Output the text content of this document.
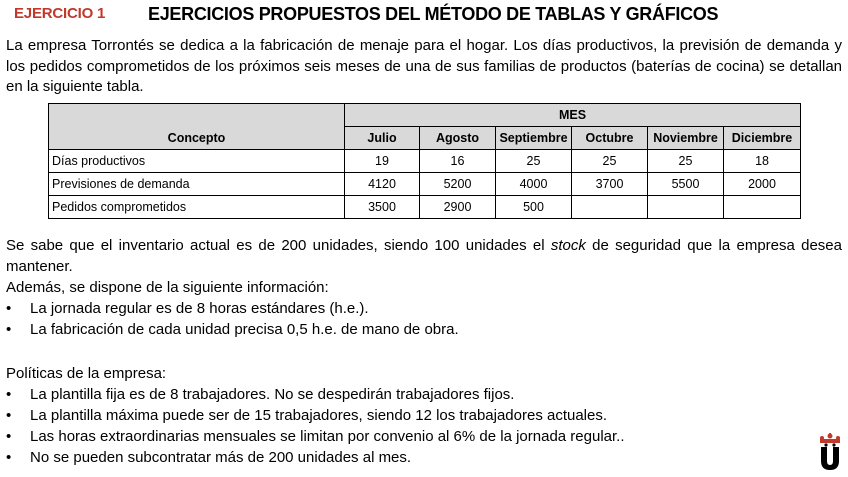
EJERCICIO 1 EJERCICIOS PROPUESTOS DEL MÉTODO DE TABLAS Y GRÁFICOS
La empresa Torrontés se dedica a la fabricación de menaje para el hogar. Los días productivos, la previsión de demanda y los pedidos comprometidos de los próximos seis meses de una de sus familias de productos (baterías de cocina) se detallan en la siguiente tabla.
	MES					
Concepto	Julio	Agosto	Septiembre	Octubre	Noviembre	Diciembre
Días productivos	19	16	25	25	25	18
Previsiones de demanda	4120	5200	4000	3700	5500	2000
Pedidos comprometidos	3500	2900	500			
Se sabe que el inventario actual es de 200 unidades, siendo 100 unidades el stock de seguridad que la empresa desea mantener.
Además, se dispone de la siguiente información:
• La jornada regular es de 8 horas estándares (h.e.).
• La fabricación de cada unidad precisa 0,5 h.e. de mano de obra.
Políticas de la empresa:
• La plantilla fija es de 8 trabajadores. No se despedirán trabajadores fijos.
• La plantilla máxima puede ser de 15 trabajadores, siendo 12 los trabajadores actuales.
• Las horas extraordinarias mensuales se limitan por convenio al 6% de la jornada regular..
• No se pueden subcontratar más de 200 unidades al mes.
